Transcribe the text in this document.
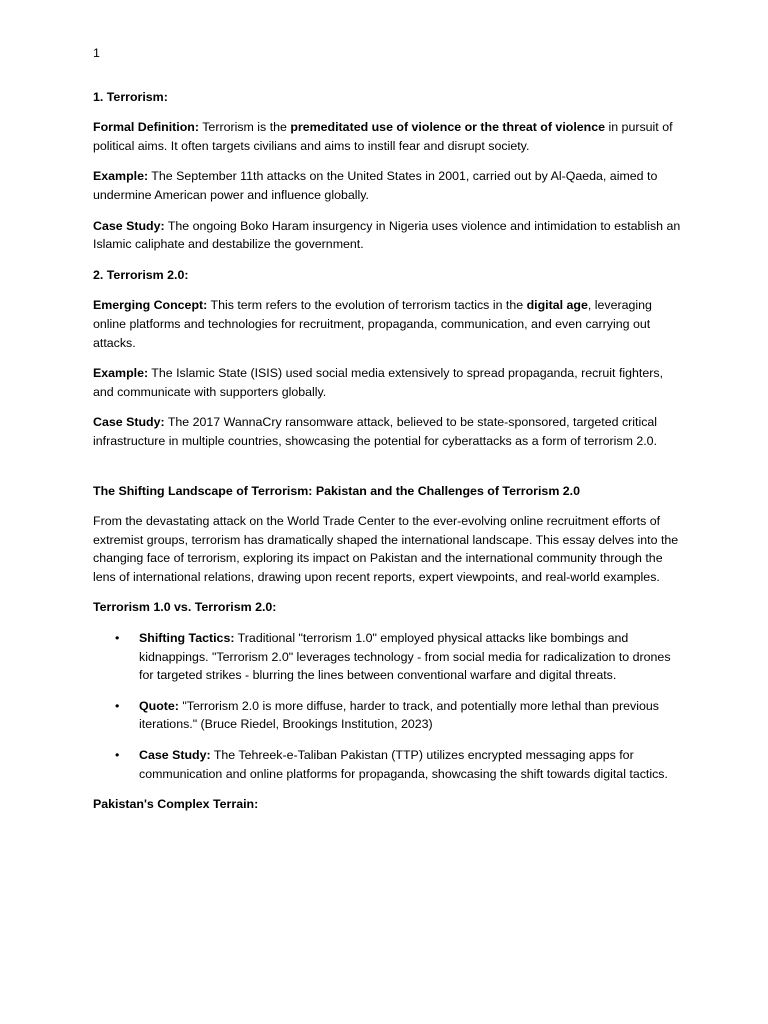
1

1. Terrorism:

Formal Definition: Terrorism is the premeditated use of violence or the threat of violence in pursuit of political aims. It often targets civilians and aims to instill fear and disrupt society.

Example: The September 11th attacks on the United States in 2001, carried out by Al-Qaeda, aimed to undermine American power and influence globally.

Case Study: The ongoing Boko Haram insurgency in Nigeria uses violence and intimidation to establish an Islamic caliphate and destabilize the government.

2. Terrorism 2.0:

Emerging Concept: This term refers to the evolution of terrorism tactics in the digital age, leveraging online platforms and technologies for recruitment, propaganda, communication, and even carrying out attacks.

Example: The Islamic State (ISIS) used social media extensively to spread propaganda, recruit fighters, and communicate with supporters globally.

Case Study: The 2017 WannaCry ransomware attack, believed to be state-sponsored, targeted critical infrastructure in multiple countries, showcasing the potential for cyberattacks as a form of terrorism 2.0.

The Shifting Landscape of Terrorism: Pakistan and the Challenges of Terrorism 2.0

From the devastating attack on the World Trade Center to the ever-evolving online recruitment efforts of extremist groups, terrorism has dramatically shaped the international landscape. This essay delves into the changing face of terrorism, exploring its impact on Pakistan and the international community through the lens of international relations, drawing upon recent reports, expert viewpoints, and real-world examples.

Terrorism 1.0 vs. Terrorism 2.0:

• Shifting Tactics: Traditional "terrorism 1.0" employed physical attacks like bombings and kidnappings. "Terrorism 2.0" leverages technology - from social media for radicalization to drones for targeted strikes - blurring the lines between conventional warfare and digital threats.
• Quote: "Terrorism 2.0 is more diffuse, harder to track, and potentially more lethal than previous iterations." (Bruce Riedel, Brookings Institution, 2023)
• Case Study: The Tehreek-e-Taliban Pakistan (TTP) utilizes encrypted messaging apps for communication and online platforms for propaganda, showcasing the shift towards digital tactics.

Pakistan's Complex Terrain:
